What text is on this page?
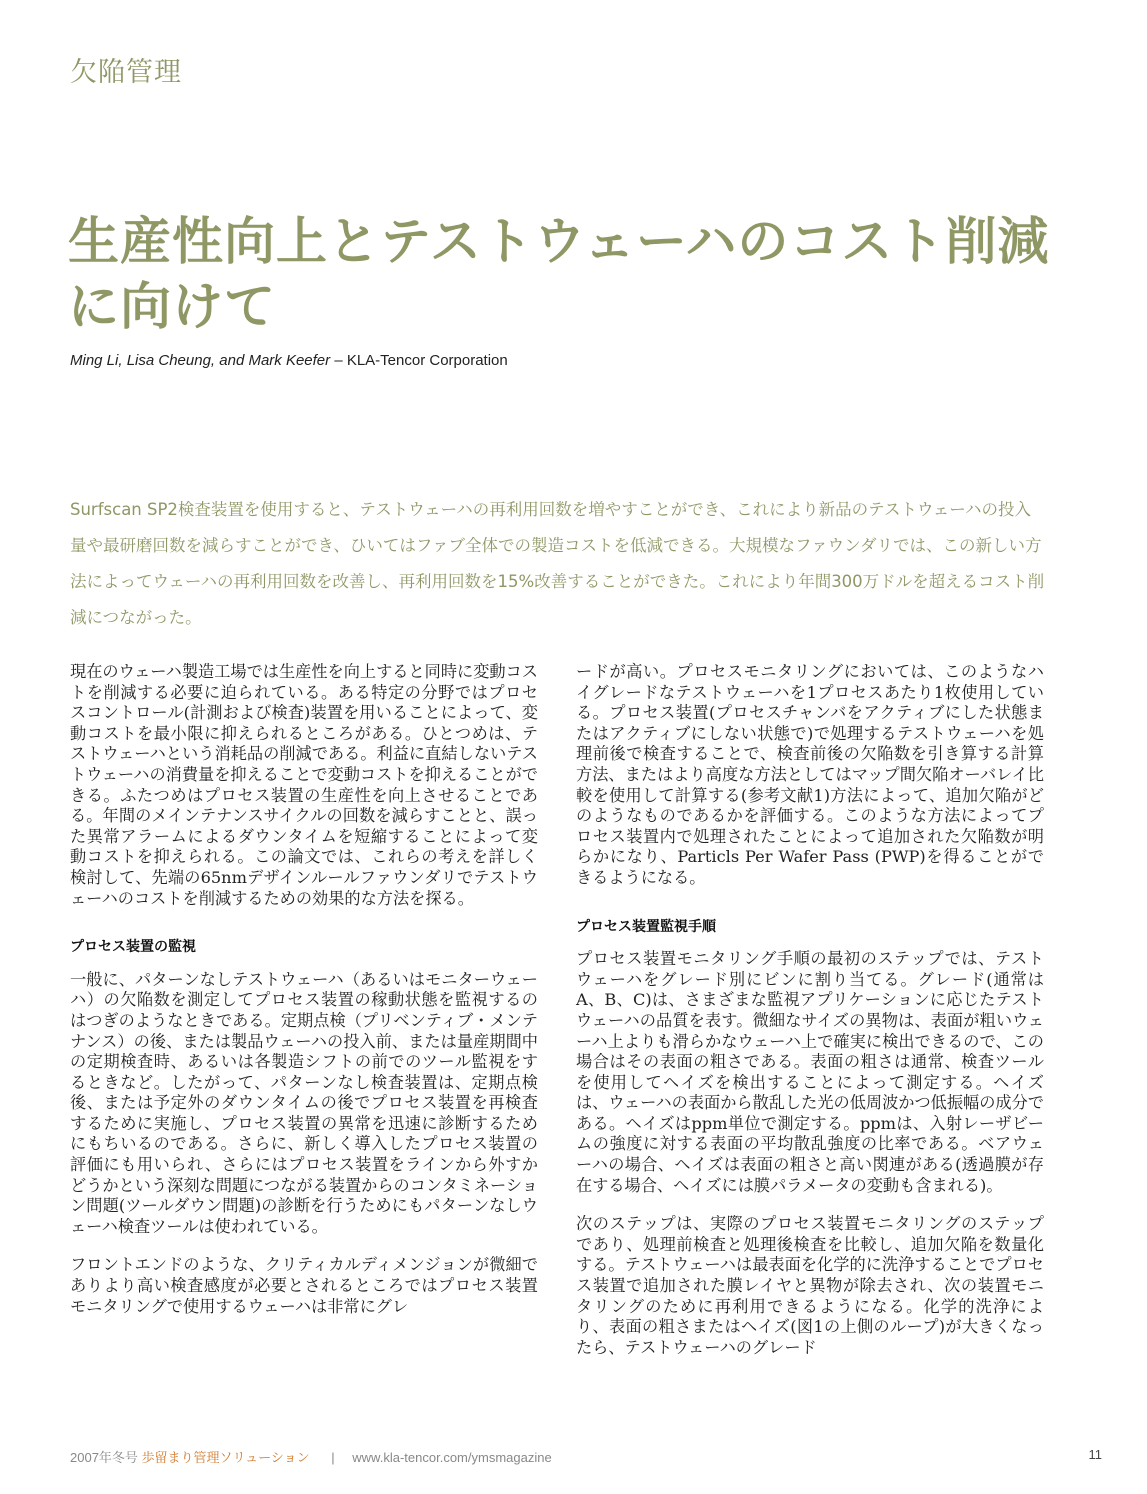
欠陥管理
生産性向上とテストウェーハのコスト削減に向けて
Ming Li, Lisa Cheung, and Mark Keefer – KLA-Tencor Corporation

Surfscan SP2検査装置を使用すると、テストウェーハの再利用回数を増やすことができ、これにより新品のテストウェーハの投入量や最研磨回数を減らすことができ、ひいてはファブ全体での製造コストを低減できる。大規模なファウンダリでは、この新しい方法によってウェーハの再利用回数を改善し、再利用回数を15%改善することができた。これにより年間300万ドルを超えるコスト削減につながった。

現在のウェーハ製造工場では生産性を向上すると同時に変動コストを削減する必要に迫られている。ある特定の分野ではプロセスコントロール(計測および検査)装置を用いることによって、変動コストを最小限に抑えられるところがある。ひとつめは、テストウェーハという消耗品の削減である。利益に直結しないテストウェーハの消費量を抑えることで変動コストを抑えることができる。ふたつめはプロセス装置の生産性を向上させることである。年間のメインテナンスサイクルの回数を減らすことと、誤った異常アラームによるダウンタイムを短縮することによって変動コストを抑えられる。この論文では、これらの考えを詳しく検討して、先端の65nmデザインルールファウンダリでテストウェーハのコストを削減するための効果的な方法を探る。

プロセス装置の監視

一般に、パターンなしテストウェーハ（あるいはモニターウェーハ）の欠陥数を測定してプロセス装置の稼動状態を監視するのはつぎのようなときである。定期点検（プリベンティブ・メンテナンス）の後、または製品ウェーハの投入前、または量産期間中の定期検査時、あるいは各製造シフトの前でのツール監視をするときなど。したがって、パターンなし検査装置は、定期点検後、または予定外のダウンタイムの後でプロセス装置を再検査するために実施し、プロセス装置の異常を迅速に診断するためにもちいるのである。さらに、新しく導入したプロセス装置の評価にも用いられ、さらにはプロセス装置をラインから外すかどうかという深刻な問題につながる装置からのコンタミネーション問題(ツールダウン問題)の診断を行うためにもパターンなしウェーハ検査ツールは使われている。

フロントエンドのような、クリティカルディメンジョンが微細でありより高い検査感度が必要とされるところではプロセス装置モニタリングで使用するウェーハは非常にグレ

ードが高い。プロセスモニタリングにおいては、このようなハイグレードなテストウェーハを1プロセスあたり1枚使用している。プロセス装置(プロセスチャンバをアクティブにした状態またはアクティブにしない状態で)で処理するテストウェーハを処理前後で検査することで、検査前後の欠陥数を引き算する計算方法、またはより高度な方法としてはマップ間欠陥オーバレイ比較を使用して計算する(参考文献1)方法によって、追加欠陥がどのようなものであるかを評価する。このような方法によってプロセス装置内で処理されたことによって追加された欠陥数が明らかになり、Particls Per Wafer Pass (PWP)を得ることができるようになる。

プロセス装置監視手順

プロセス装置モニタリング手順の最初のステップでは、テストウェーハをグレード別にビンに割り当てる。グレード(通常はA、B、C)は、さまざまな監視アプリケーションに応じたテストウェーハの品質を表す。微細なサイズの異物は、表面が粗いウェーハ上よりも滑らかなウェーハ上で確実に検出できるので、この場合はその表面の粗さである。表面の粗さは通常、検査ツールを使用してヘイズを検出することによって測定する。ヘイズは、ウェーハの表面から散乱した光の低周波かつ低振幅の成分である。ヘイズはppm単位で測定する。ppmは、入射レーザビームの強度に対する表面の平均散乱強度の比率である。ベアウェーハの場合、ヘイズは表面の粗さと高い関連がある(透過膜が存在する場合、ヘイズには膜パラメータの変動も含まれる)。

次のステップは、実際のプロセス装置モニタリングのステップであり、処理前検査と処理後検査を比較し、追加欠陥を数量化する。テストウェーハは最表面を化学的に洗浄することでプロセス装置で追加された膜レイヤと異物が除去され、次の装置モニタリングのために再利用できるようになる。化学的洗浄により、表面の粗さまたはヘイズ(図1の上側のループ)が大きくなったら、テストウェーハのグレード

2007年冬号 歩留まり管理ソリューション | www.kla-tencor.com/ymsmagazine	11
